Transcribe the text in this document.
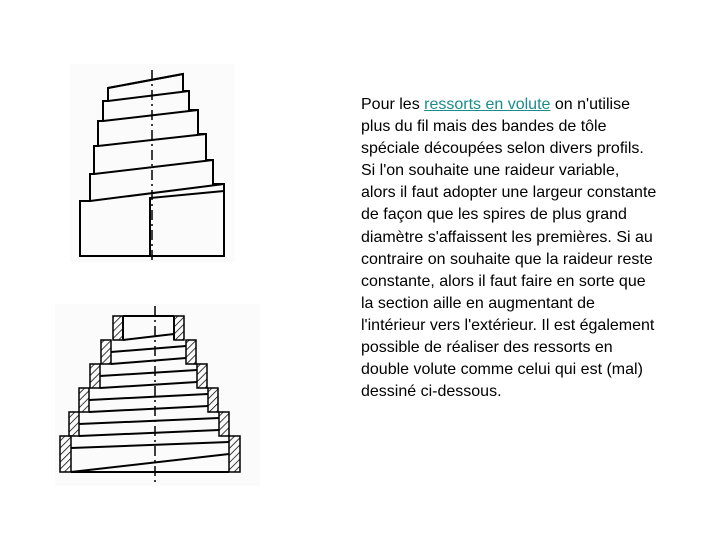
Pour les ressorts en volute on n'utilise plus du fil mais des bandes de tôle spéciale découpées selon divers profils. Si l'on souhaite une raideur variable, alors il faut adopter une largeur constante de façon que les spires de plus grand diamètre s'affaissent les premières. Si au contraire on souhaite que la raideur reste constante, alors il faut faire en sorte que la section aille en augmentant de l'intérieur vers l'extérieur. Il est également possible de réaliser des ressorts en double volute comme celui qui est (mal) dessiné ci-dessous.
